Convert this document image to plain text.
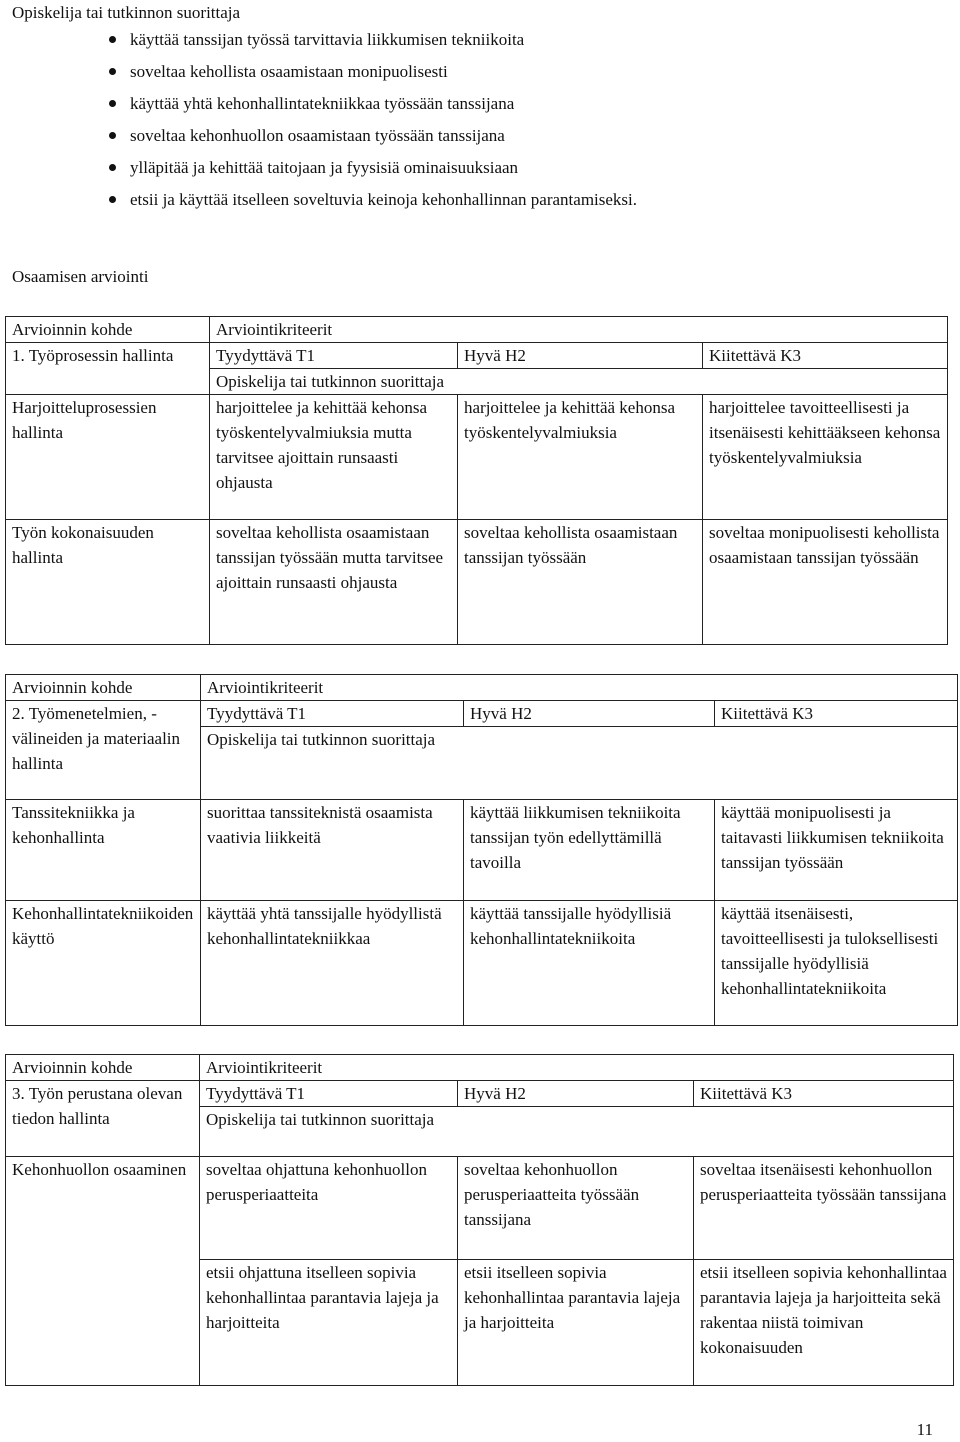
Opiskelija tai tutkinnon suorittaja
käyttää tanssijan työssä tarvittavia liikkumisen tekniikoita
soveltaa kehollista osaamistaan monipuolisesti
käyttää yhtä kehonhallintatekniikkaa työssään tanssijana
soveltaa kehonhuollon osaamistaan työssään tanssijana
ylläpitää ja kehittää taitojaan ja fyysisiä ominaisuuksiaan
etsii ja käyttää itselleen soveltuvia keinoja kehonhallinnan parantamiseksi.
Osaamisen arviointi
Arvioinnin kohde	Arviointikriteerit		
1. Työprosessin hallinta	Tyydyttävä T1	Hyvä H2	Kiitettävä K3
	Opiskelija tai tutkinnon suorittaja		
Harjoitteluprosessien hallinta	harjoittelee ja kehittää kehonsa työskentelyvalmiuksia mutta tarvitsee ajoittain runsaasti ohjausta	harjoittelee ja kehittää kehonsa työskentelyvalmiuksia	harjoittelee tavoitteellisesti ja itsenäisesti kehittääkseen kehonsa työskentelyvalmiuksia
Työn kokonaisuuden hallinta	soveltaa kehollista osaamistaan tanssijan työssään mutta tarvitsee ajoittain runsaasti ohjausta	soveltaa kehollista osaamistaan tanssijan työssään	soveltaa monipuolisesti kehollista osaamistaan tanssijan työssään
Arvioinnin kohde	Arviointikriteerit		
2. Työmenetelmien, -välineiden ja materiaalin hallinta	Tyydyttävä T1	Hyvä H2	Kiitettävä K3
	Opiskelija tai tutkinnon suorittaja		
Tanssitekniikka ja kehonhallinta	suorittaa tanssiteknistä osaamista vaativia liikkeitä	käyttää liikkumisen tekniikoita tanssijan työn edellyttämillä tavoilla	käyttää monipuolisesti ja taitavasti liikkumisen tekniikoita tanssijan työssään
Kehonhallintatekniikoiden käyttö	käyttää yhtä tanssijalle hyödyllistä kehonhallintatekniikkaa	käyttää tanssijalle hyödyllisiä kehonhallintatekniikoita	käyttää itsenäisesti, tavoitteellisesti ja tuloksellisesti tanssijalle hyödyllisiä kehonhallintatekniikoita
Arvioinnin kohde	Arviointikriteerit		
3. Työn perustana olevan tiedon hallinta	Tyydyttävä T1	Hyvä H2	Kiitettävä K3
	Opiskelija tai tutkinnon suorittaja		
Kehonhuollon osaaminen	soveltaa ohjattuna kehonhuollon perusperiaatteita	soveltaa kehonhuollon perusperiaatteita työssään tanssijana	soveltaa itsenäisesti kehonhuollon perusperiaatteita työssään tanssijana
	etsii ohjattuna itselleen sopivia kehonhallintaa parantavia lajeja ja harjoitteita	etsii itselleen sopivia kehonhallintaa parantavia lajeja ja harjoitteita	etsii itselleen sopivia kehonhallintaa parantavia lajeja ja harjoitteita sekä rakentaa niistä toimivan kokonaisuuden
11
